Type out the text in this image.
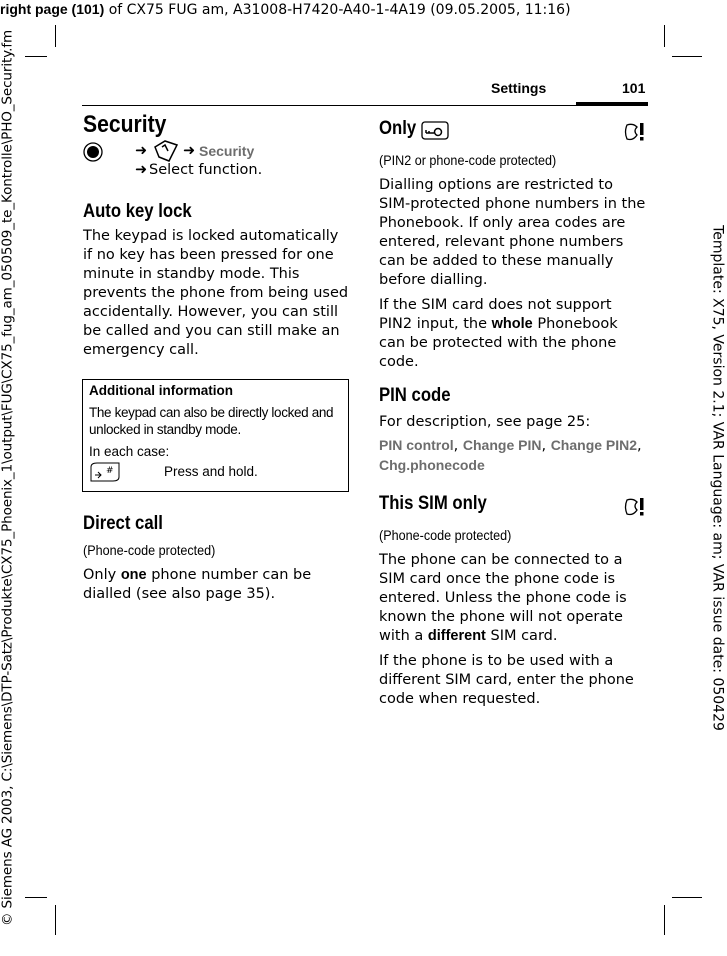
right page (101) of CX75 FUG am, A31008-H7420-A40-1-4A19 (09.05.2005, 11:16)
© Siemens AG 2003, C:\Siemens\DTP-Satz\Produkte\CX75_Phoenix_1\output\FUG\CX75_fug_am_050509_te_Kontrolle\PHO_Security.fm	Template: X75, Version 2.1; VAR Language: am; VAR issue date: 050429
Settings	101
Security
➜ ➜ Security
➜ Select function.
Auto key lock

The keypad is locked automatically if no key has been pressed for one minute in standby mode. This prevents the phone from being used accidentally. However, you can still be called and you can still make an emergency call.

Additional information
The keypad can also be directly locked and unlocked in standby mode.
In each case:
#	Press and hold.
Direct call
(Phone-code protected)

Only one phone number can be dialled (see also page 35).

Only
(PIN2 or phone-code protected)

Dialling options are restricted to SIM-protected phone numbers in the Phonebook. If only area codes are entered, relevant phone numbers can be added to these manually before dialling.

If the SIM card does not support PIN2 input, the whole Phonebook can be protected with the phone code.

PIN code

For description, see page 25:

PIN control, Change PIN, Change PIN2,
Chg.phonecode
This SIM only
(Phone-code protected)

The phone can be connected to a SIM card once the phone code is entered. Unless the phone code is known the phone will not operate with a different SIM card.

If the phone is to be used with a different SIM card, enter the phone code when requested.
